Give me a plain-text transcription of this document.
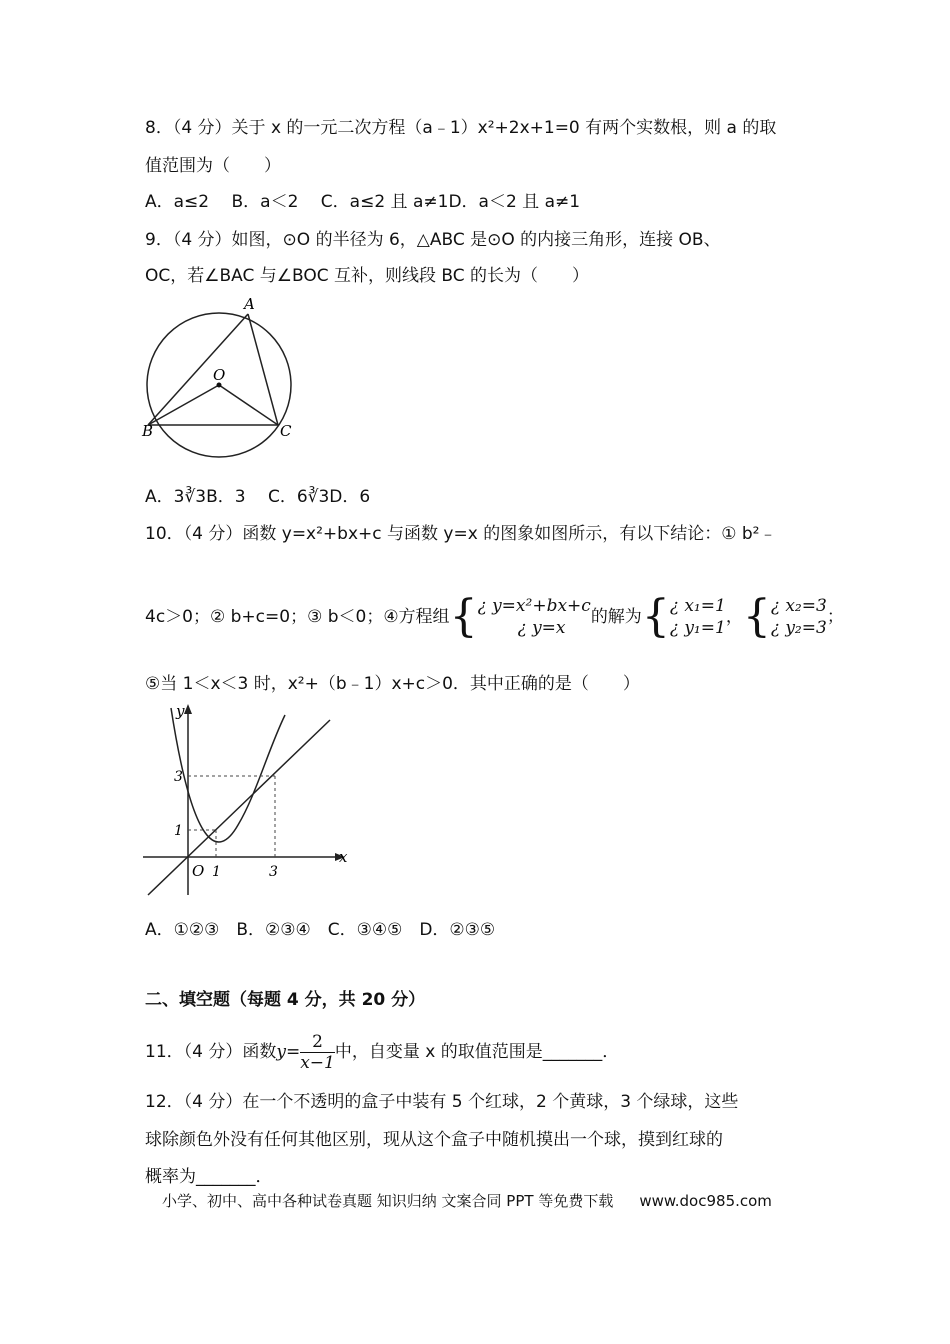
8．（4 分）关于 x 的一元二次方程（a﹣1）x²+2x+1=0 有两个实数根，则 a 的取
值范围为（　　）
A．a≤2　 B．a＜2　 C．a≤2 且 a≠1D．a＜2 且 a≠1
9．（4 分）如图，⊙O 的半径为 6，△ABC 是⊙O 的内接三角形，连接 OB、
OC，若∠BAC 与∠BOC 互补，则线段 BC 的长为（　　）
A
O
B	C
A．3∛3B．3　 C．6∛3D．6
10．（4 分）函数 y=x²+bx+c 与函数 y=x 的图象如图所示，有以下结论：① b²﹣
4c＞0；② b+c=0；③ b＜0；④方程组{ ¿ y=x²+bx+c
¿ y=x
的解为{ ¿ x₁=1
¿ y₁=1
，{ ¿ x₂=3
¿ y₂=3
；
⑤当 1＜x＜3 时，x²+（b﹣1）x+c＞0．其中正确的是（　　）
y
x
O 1	3
1
3
A．①②③　B．②③④　C．③④⑤　D．②③⑤
二、填空题（每题 4 分，共 20 分）
11．（4 分）函数$y= \frac{2}{x-1}$ 中，自变量 x 的取值范围是_______．
12．（4 分）在一个不透明的盒子中装有 5 个红球，2 个黄球，3 个绿球，这些
球除颜色外没有任何其他区别，现从这个盒子中随机摸出一个球，摸到红球的
概率为_______．
小学、初中、高中各种试卷真题 知识归纳 文案合同 PPT 等免费下载 www.doc985.com
